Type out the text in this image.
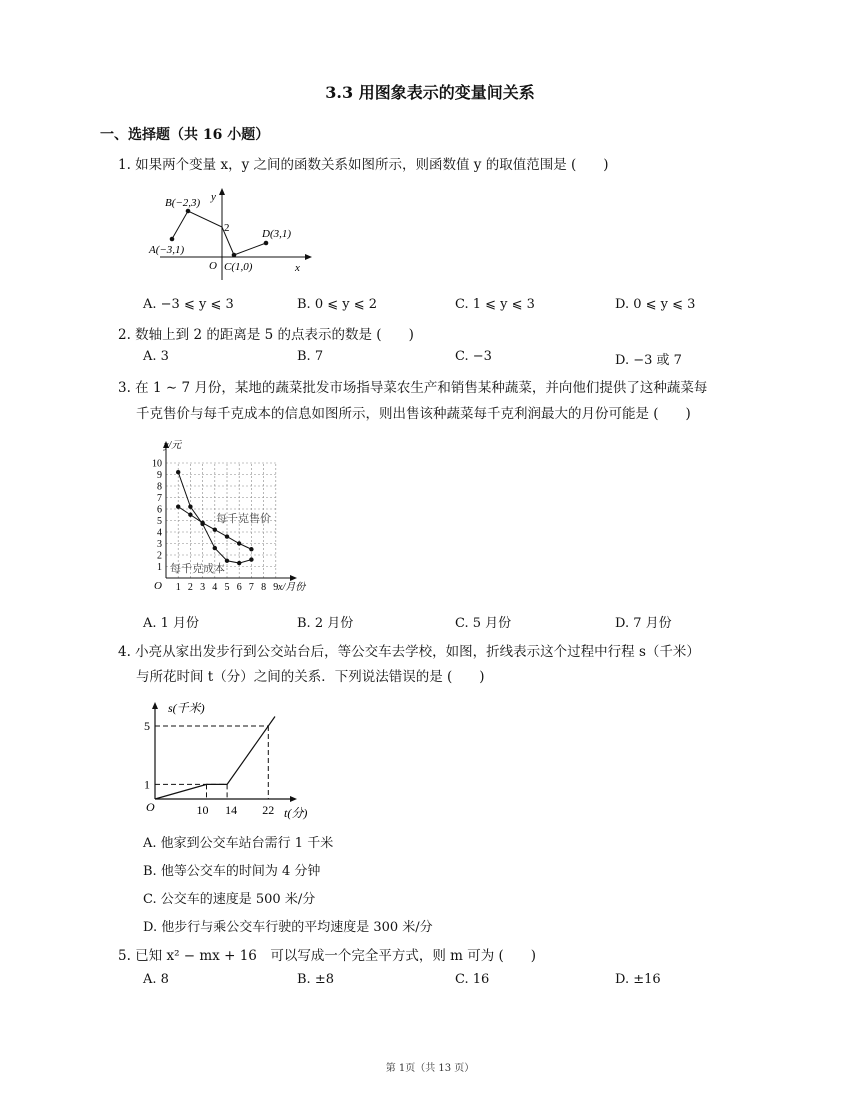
3.3 用图象表示的变量间关系
一、选择题（共 16 小题）
1. 如果两个变量 x，y 之间的函数关系如图所示，则函数值 y 的取值范围是 (　　)
A(−3,1)
B(−2,3)
2
O C(1,0)
D(3,1)
x
y
A. −3 ⩽ y ⩽ 3	B. 0 ⩽ y ⩽ 2	C. 1 ⩽ y ⩽ 3	D. 0 ⩽ y ⩽ 3
2. 数轴上到 2 的距离是 5 的点表示的数是 (　　)
A. 3	B. 7	C. −3	D. −3 或 7
3. 在 1 ∼ 7 月份，某地的蔬菜批发市场指导菜农生产和销售某种蔬菜，并向他们提供了这种蔬菜每
千克售价与每千克成本的信息如图所示，则出售该种蔬菜每千克利润最大的月份可能是 (　　)
1
2
3
4
5
6
7
8
9
10
1 2 3 4 5 6 7 8 9
y/元
x/月份
O
每千克售价
每千克成本
A. 1 月份	B. 2 月份	C. 5 月份	D. 7 月份
4. 小亮从家出发步行到公交站台后，等公交车去学校，如图，折线表示这个过程中行程 s（千米）
与所花时间 t（分）之间的关系．下列说法错误的是 (　　)
1
5
10 14 22
s(千米)
t(分)
O
A. 他家到公交车站台需行 1 千米
B. 他等公交车的时间为 4 分钟
C. 公交车的速度是 500 米/分
D. 他步行与乘公交车行驶的平均速度是 300 米/分
5. 已知 x² − mx + 16　可以写成一个完全平方式，则 m 可为 (　　)
A. 8	B. ±8	C. 16	D. ±16
第 1页（共 13 页）
